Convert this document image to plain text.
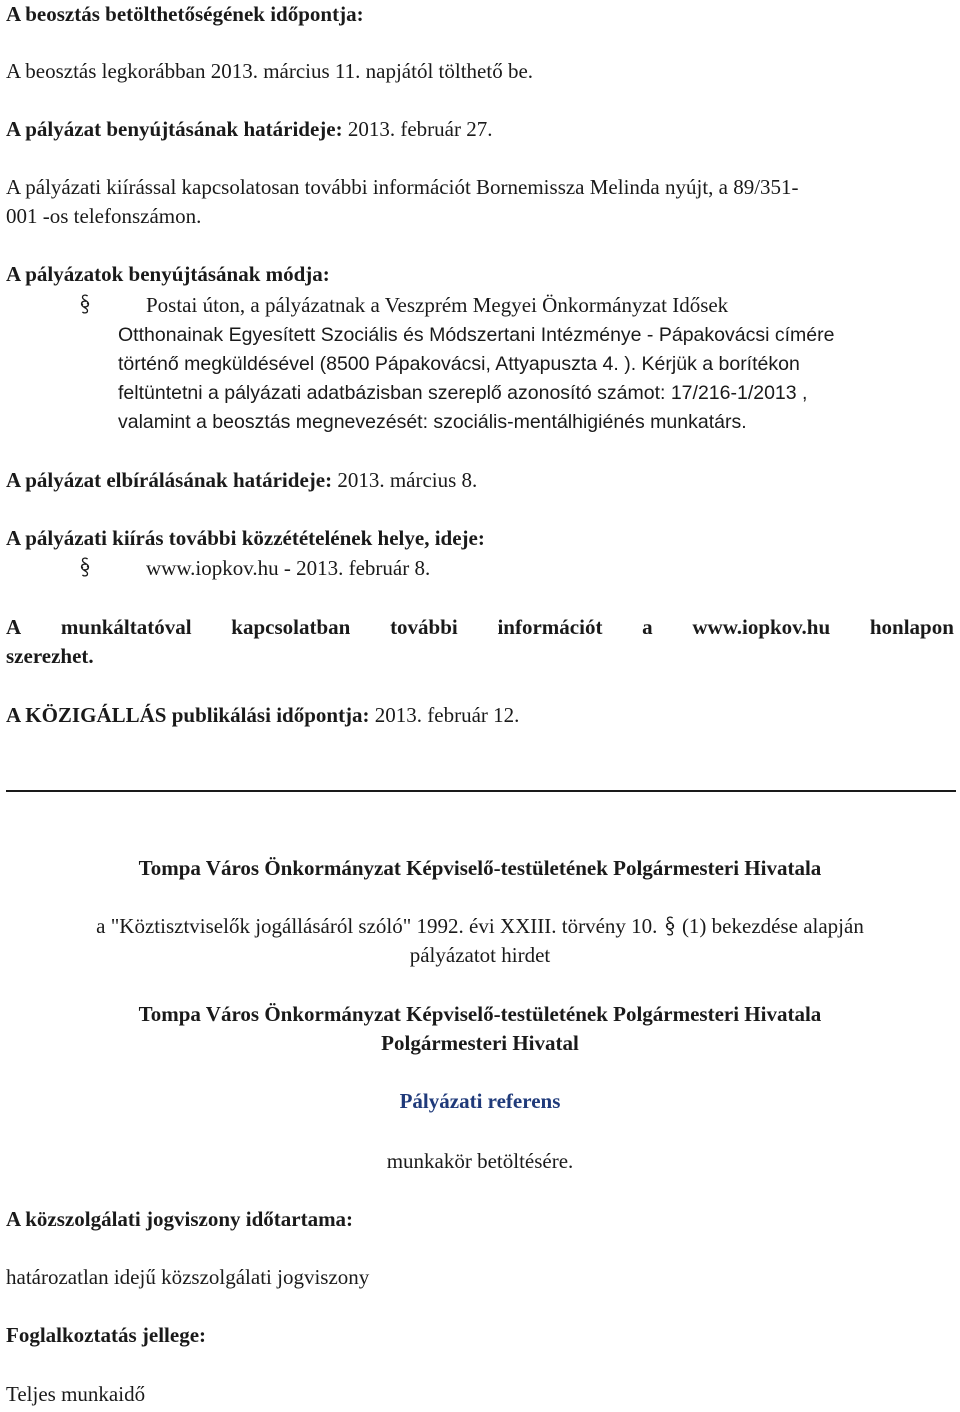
A beosztás betölthetőségének időpontja:
A beosztás legkorábban 2013. március 11. napjától tölthető be.
A pályázat benyújtásának határideje: 2013. február 27.
A pályázati kiírással kapcsolatosan további információt Bornemissza Melinda nyújt, a 89/351-
001 -os telefonszámon.
A pályázatok benyújtásának módja:
Postai úton, a pályázatnak a Veszprém Megyei Önkormányzat Idősek
Otthonainak Egyesített Szociális és Módszertani Intézménye - Pápakovácsi címére
történő megküldésével (8500 Pápakovácsi, Attyapuszta 4. ). Kérjük a borítékon
feltüntetni a pályázati adatbázisban szereplő azonosító számot: 17/216-1/2013 ,
valamint a beosztás megnevezését: szociális-mentálhigiénés munkatárs.
A pályázat elbírálásának határideje: 2013. március 8.
A pályázati kiírás további közzétételének helye, ideje:
www.iopkov.hu - 2013. február 8.
A munkáltatóval kapcsolatban további információt a www.iopkov.hu honlapon
szerezhet.
A KÖZIGÁLLÁS publikálási időpontja: 2013. február 12.
Tompa Város Önkormányzat Képviselő-testületének Polgármesteri Hivatala
a "Köztisztviselők jogállásáról szóló" 1992. évi XXIII. törvény 10.  (1) bekezdése alapján
pályázatot hirdet
Tompa Város Önkormányzat Képviselő-testületének Polgármesteri Hivatala
Polgármesteri Hivatal
Pályázati referens
munkakör betöltésére.
A közszolgálati jogviszony időtartama:
határozatlan idejű közszolgálati jogviszony
Foglalkoztatás jellege:
Teljes munkaidő
